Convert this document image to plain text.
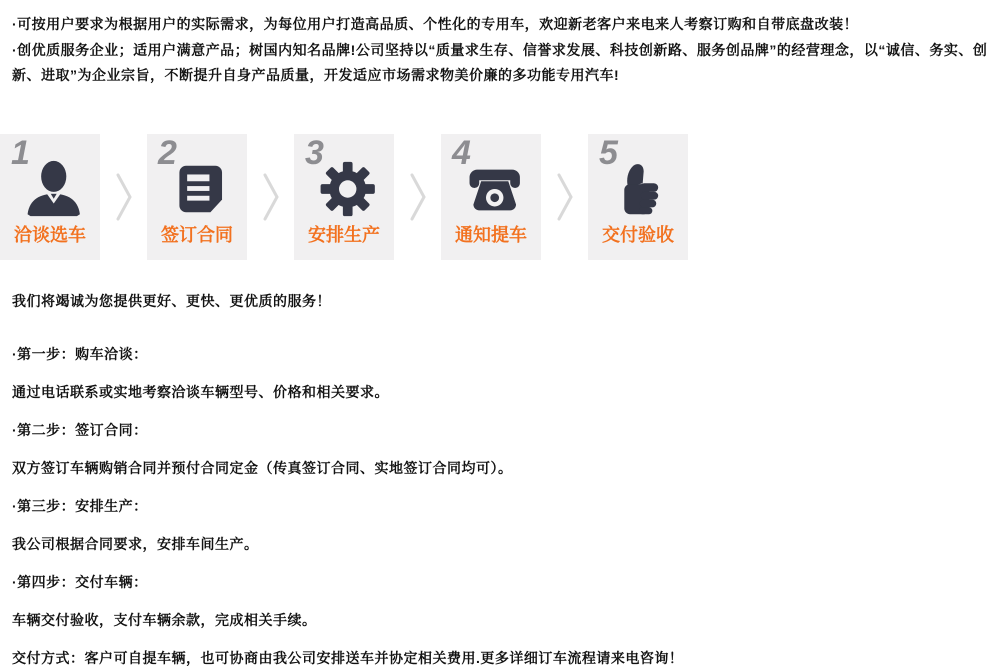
·可按用户要求为根据用户的实际需求，为每位用户打造高品质、个性化的专用车，欢迎新老客户来电来人考察订购和自带底盘改装！

·创优质服务企业；适用户满意产品；树国内知名品牌!公司坚持以“质量求生存、信誉求发展、科技创新路、服务创品牌”的经营理念，以“诚信、务实、创新、进取”为企业宗旨，不断提升自身产品质量，开发适应市场需求物美价廉的多功能专用汽车!

1
洽谈选车
2
签订合同
3
安排生产
4
通知提车
5
交付验收

我们将竭诚为您提供更好、更快、更优质的服务！

·第一步：购车洽谈：

通过电话联系或实地考察洽谈车辆型号、价格和相关要求。

·第二步：签订合同：

双方签订车辆购销合同并预付合同定金（传真签订合同、实地签订合同均可）。

·第三步：安排生产：

我公司根据合同要求，安排车间生产。

·第四步：交付车辆：

车辆交付验收，支付车辆余款，完成相关手续。

交付方式：客户可自提车辆，也可协商由我公司安排送车并协定相关费用.更多详细订车流程请来电咨询！
